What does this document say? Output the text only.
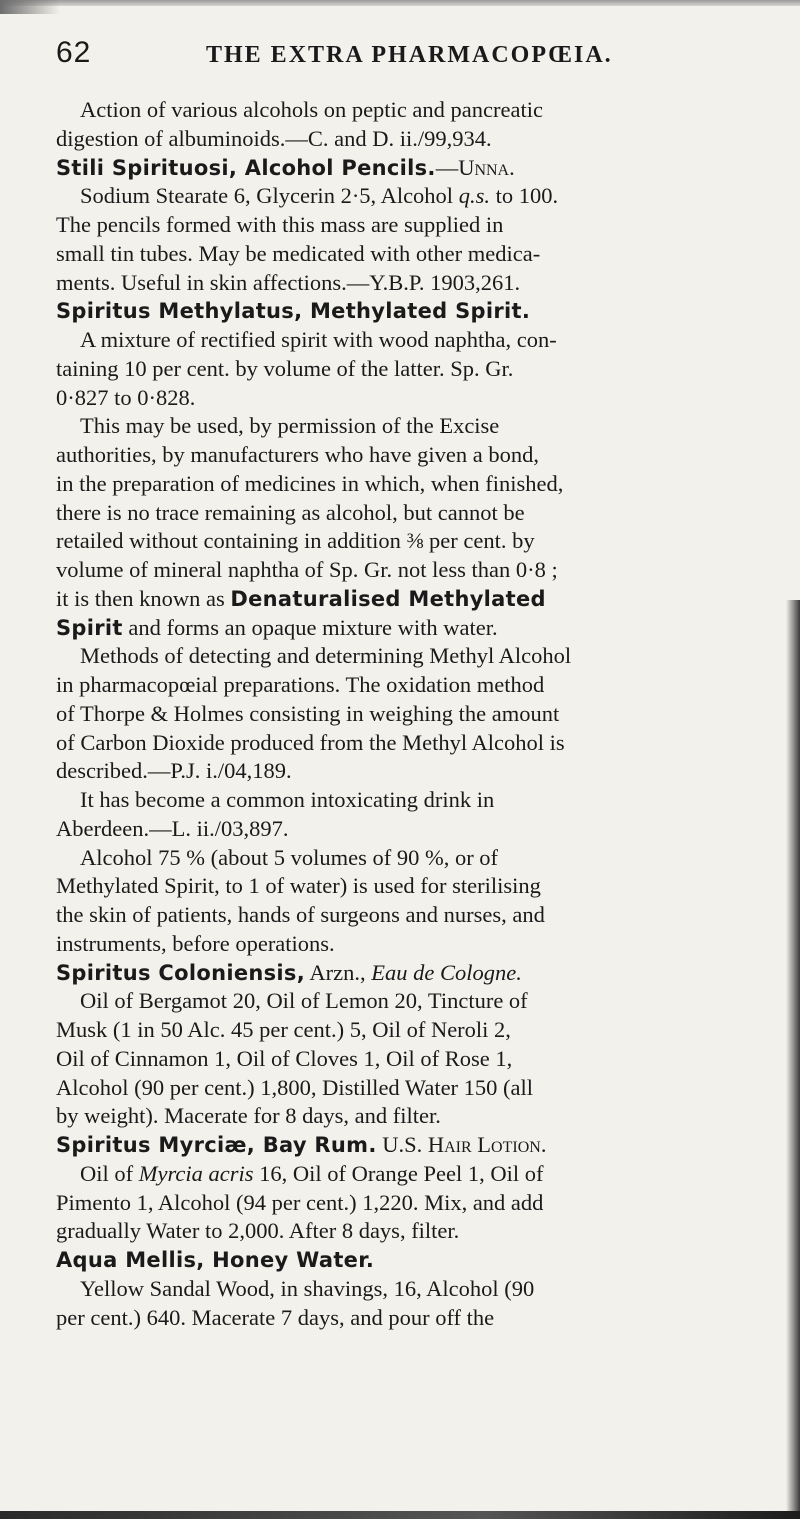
62	THE EXTRA PHARMACOPŒIA.
Action of various alcohols on peptic and pancreatic
digestion of albuminoids.—C. and D. ii./99,934.
Stili Spirituosi, Alcohol Pencils.—Unna.
Sodium Stearate 6, Glycerin 2·5, Alcohol q.s. to 100.
The pencils formed with this mass are supplied in
small tin tubes. May be medicated with other medica-
ments. Useful in skin affections.—Y.B.P. 1903,261.
Spiritus Methylatus, Methylated Spirit.
A mixture of rectified spirit with wood naphtha, con-
taining 10 per cent. by volume of the latter. Sp. Gr.
0·827 to 0·828.
This may be used, by permission of the Excise
authorities, by manufacturers who have given a bond,
in the preparation of medicines in which, when finished,
there is no trace remaining as alcohol, but cannot be
retailed without containing in addition ⅜ per cent. by
volume of mineral naphtha of Sp. Gr. not less than 0·8 ;
it is then known as Denaturalised Methylated
Spirit and forms an opaque mixture with water.
Methods of detecting and determining Methyl Alcohol
in pharmacopœial preparations. The oxidation method
of Thorpe & Holmes consisting in weighing the amount
of Carbon Dioxide produced from the Methyl Alcohol is
described.—P.J. i./04,189.
It has become a common intoxicating drink in
Aberdeen.—L. ii./03,897.
Alcohol 75 % (about 5 volumes of 90 %, or of
Methylated Spirit, to 1 of water) is used for sterilising
the skin of patients, hands of surgeons and nurses, and
instruments, before operations.
Spiritus Coloniensis, Arzn., Eau de Cologne.
Oil of Bergamot 20, Oil of Lemon 20, Tincture of
Musk (1 in 50 Alc. 45 per cent.) 5, Oil of Neroli 2,
Oil of Cinnamon 1, Oil of Cloves 1, Oil of Rose 1,
Alcohol (90 per cent.) 1,800, Distilled Water 150 (all
by weight). Macerate for 8 days, and filter.
Spiritus Myrciæ, Bay Rum. U.S. Hair Lotion.
Oil of Myrcia acris 16, Oil of Orange Peel 1, Oil of
Pimento 1, Alcohol (94 per cent.) 1,220. Mix, and add
gradually Water to 2,000. After 8 days, filter.
Aqua Mellis, Honey Water.
Yellow Sandal Wood, in shavings, 16, Alcohol (90
per cent.) 640. Macerate 7 days, and pour off the
